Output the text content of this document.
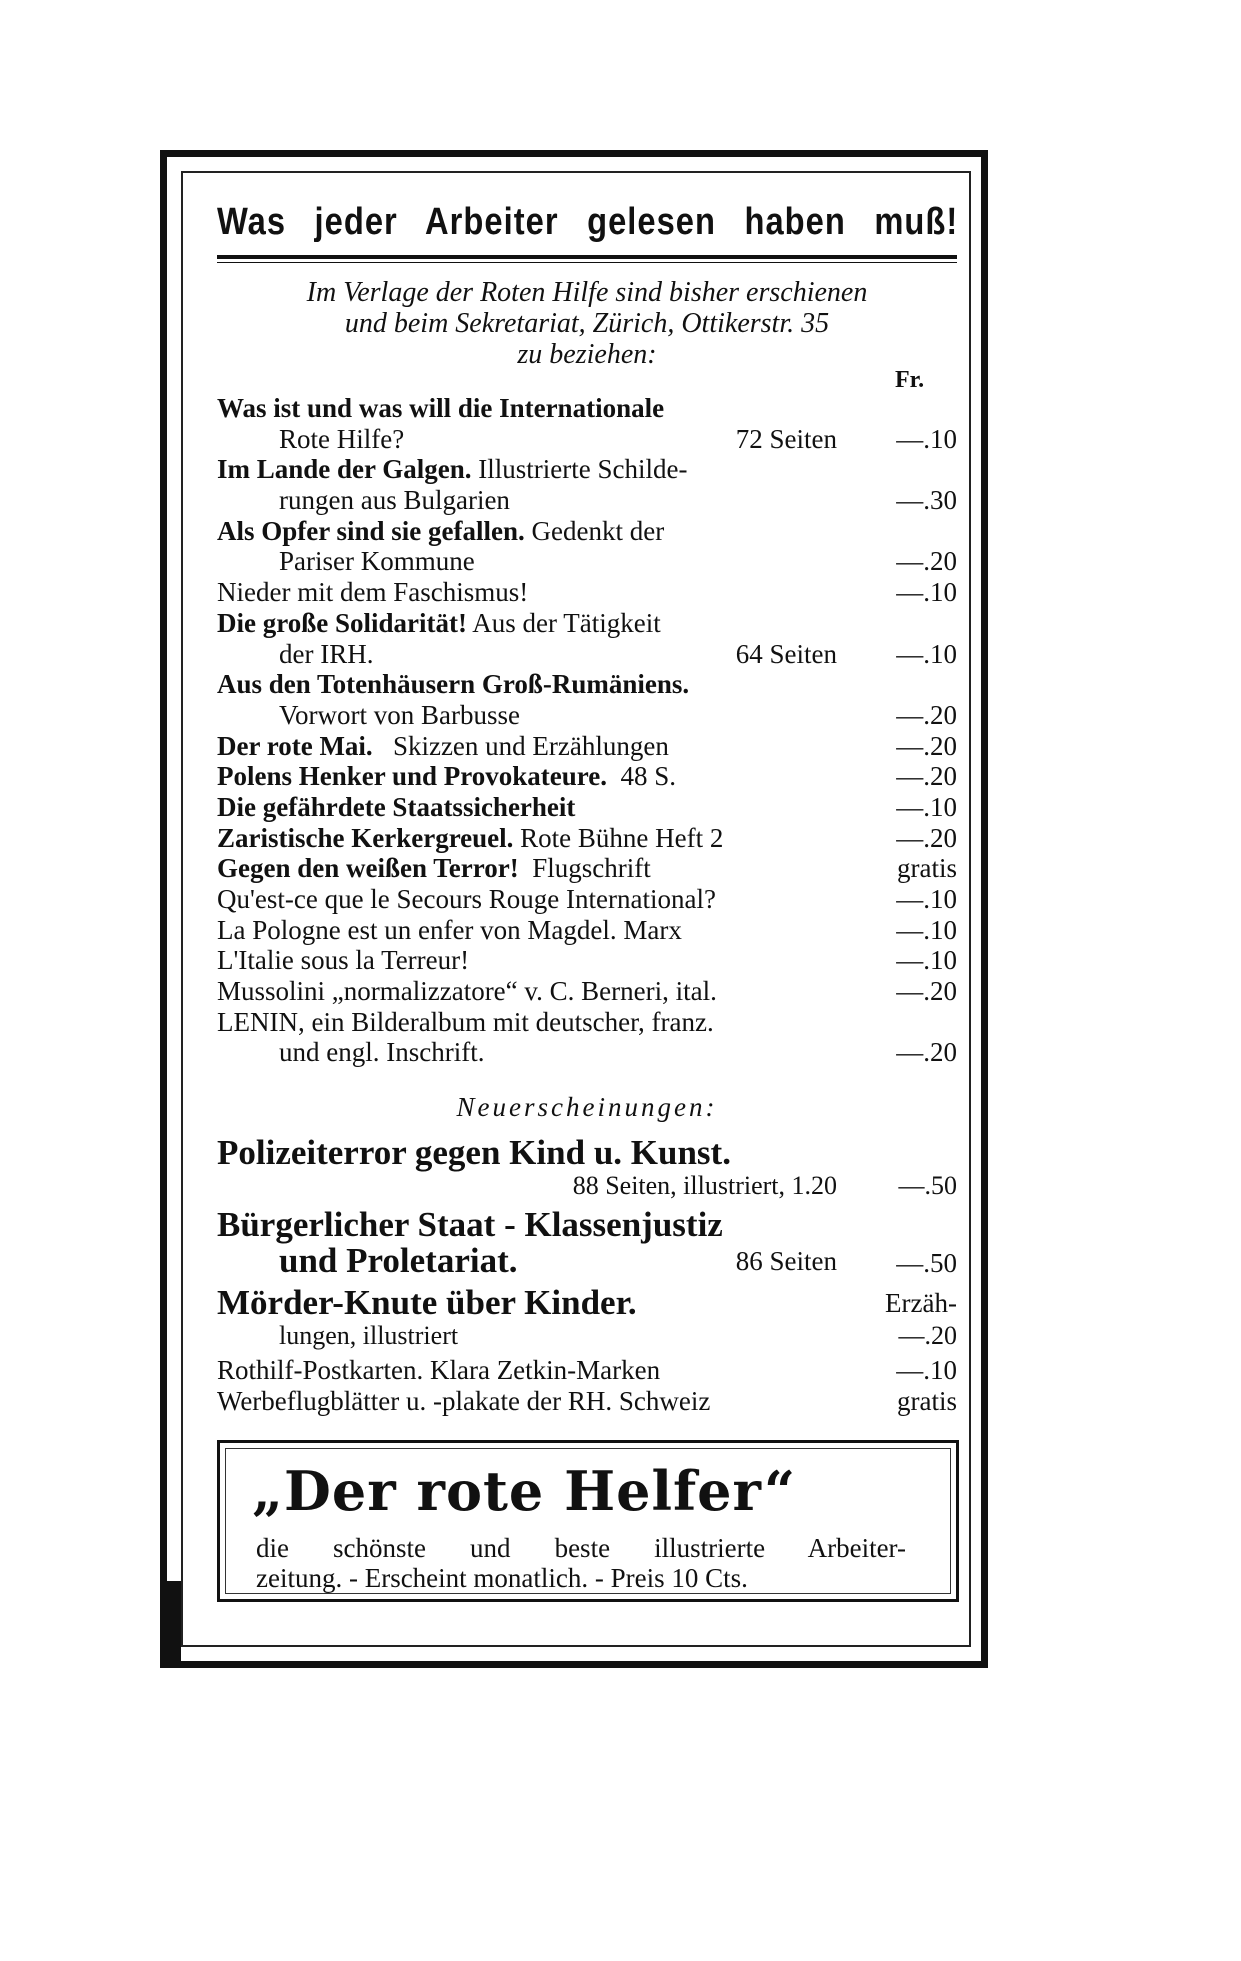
Was jeder Arbeiter gelesen haben muß!
Im Verlage der Roten Hilfe sind bisher erschienen
und beim Sekretariat, Zürich, Ottikerstr. 35
zu beziehen:
Fr.
Was ist und was will die Internationale
Rote Hilfe?	72 Seiten	—.10
Im Lande der Galgen. Illustrierte Schilde-
rungen aus Bulgarien	—.30
Als Opfer sind sie gefallen. Gedenkt der
Pariser Kommune	—.20
Nieder mit dem Faschismus!	—.10
Die große Solidarität! Aus der Tätigkeit
der IRH.	64 Seiten	—.10
Aus den Totenhäusern Groß-Rumäniens.
Vorwort von Barbusse	—.20
Der rote Mai.   Skizzen und Erzählungen	—.20
Polens Henker und Provokateure.  48 S.	—.20
Die gefährdete Staatssicherheit	—.10
Zaristische Kerkergreuel. Rote Bühne Heft 2	—.20
Gegen den weißen Terror!  Flugschrift	gratis
Qu'est-ce que le Secours Rouge International?	—.10
La Pologne est un enfer von Magdel. Marx	—.10
L'Italie sous la Terreur!	—.10
Mussolini „normalizzatore“ v. C. Berneri, ital.	—.20
LENIN, ein Bilderalbum mit deutscher, franz.
und engl. Inschrift.	—.20
Neuerscheinungen:
Polizeiterror gegen Kind u. Kunst.
88 Seiten, illustriert, 1.20 —.50
Bürgerlicher Staat - Klassenjustiz
und Proletariat.	86 Seiten —.50
Mörder-Knute über Kinder.	Erzäh-
lungen, illustriert	—.20
Rothilf-Postkarten. Klara Zetkin-Marken	—.10
Werbeflugblätter u. -plakate der RH. Schweiz	gratis
„Der rote Helfer“
die schönste und beste illustrierte Arbeiter-
zeitung. - Erscheint monatlich. - Preis 10 Cts.
